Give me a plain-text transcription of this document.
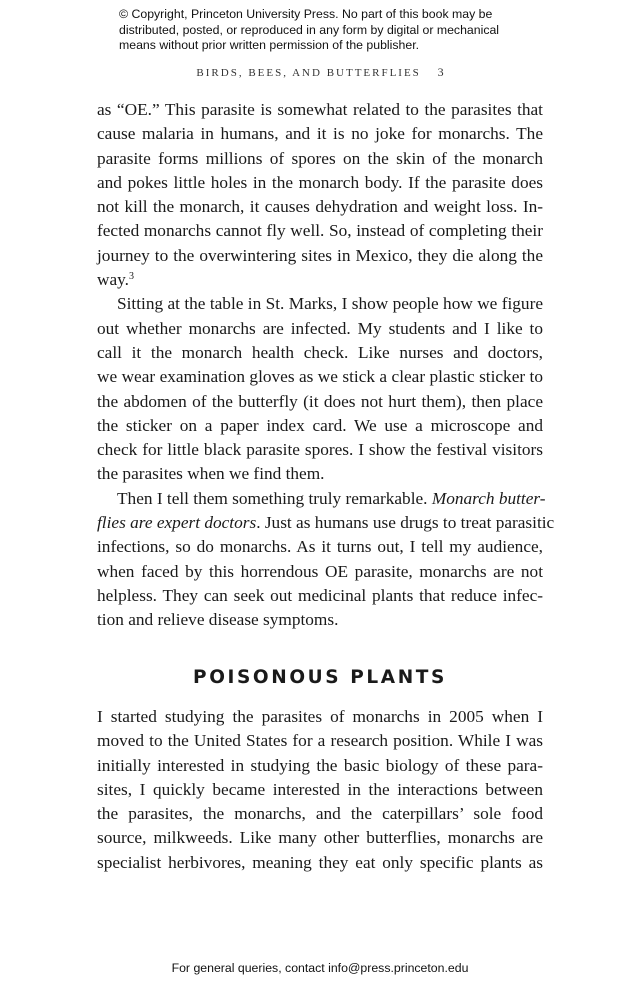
© Copyright, Princeton University Press. No part of this book may be
distributed, posted, or reproduced in any form by digital or mechanical
means without prior written permission of the publisher.
BIRDS, BEES, AND BUTTERFLIES 3
as “OE.” This parasite is somewhat related to the parasites that
cause malaria in humans, and it is no joke for monarchs. The
parasite forms millions of spores on the skin of the monarch
and pokes little holes in the monarch body. If the parasite does
not kill the monarch, it causes dehydration and weight loss. In-
fected monarchs cannot fly well. So, instead of completing their
journey to the overwintering sites in Mexico, they die along the
way.$^3$
Sitting at the table in St. Marks, I show people how we figure
out whether monarchs are infected. My students and I like to
call it the monarch health check. Like nurses and doctors,
we wear examination gloves as we stick a clear plastic sticker to
the abdomen of the butterfly (it does not hurt them), then place
the sticker on a paper index card. We use a microscope and
check for little black parasite spores. I show the festival visitors
the parasites when we find them.
Then I tell them something truly remarkable. Monarch butter-
flies are expert doctors. Just as humans use drugs to treat parasitic
infections, so do monarchs. As it turns out, I tell my audience,
when faced by this horrendous OE parasite, monarchs are not
helpless. They can seek out medicinal plants that reduce infec-
tion and relieve disease symptoms.
POISONOUS PLANTS
I started studying the parasites of monarchs in 2005 when I
moved to the United States for a research position. While I was
initially interested in studying the basic biology of these para-
sites, I quickly became interested in the interactions between
the parasites, the monarchs, and the caterpillars’ sole food
source, milkweeds. Like many other butterflies, monarchs are
specialist herbivores, meaning they eat only specific plants as
For general queries, contact info@press.princeton.edu
